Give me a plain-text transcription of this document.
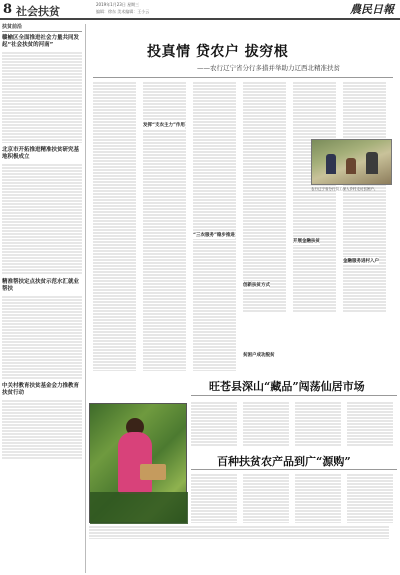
8 社会扶贫
2019年1月23日 星期三
编辑：徐东 美术编辑：王小云	農民日報
扶贫前沿
赣榆区全面推进社会力量共同发起“社会扶贫的河南”
北京市开拓推进精准扶贫研究基地积极成立
精准帮扶定点扶贫示范水汇就业帮扶
中关村教育扶贫基金会力推教育扶贫行动
投真情 贷农户 拔穷根
——农行辽宁省分行多措并举助力辽西北精准扶贫
发挥“支农主力”作用
“三农服务”稳步推进
创新扶贫方式
贫困户成功脱贫
开展金融扶贫
金融服务进村入户
农行辽宁省分行员工深入乡村走访贫困户。
旺苍县深山“藏品”闯荡仙居市场
百种扶贫农产品到广“源购”
